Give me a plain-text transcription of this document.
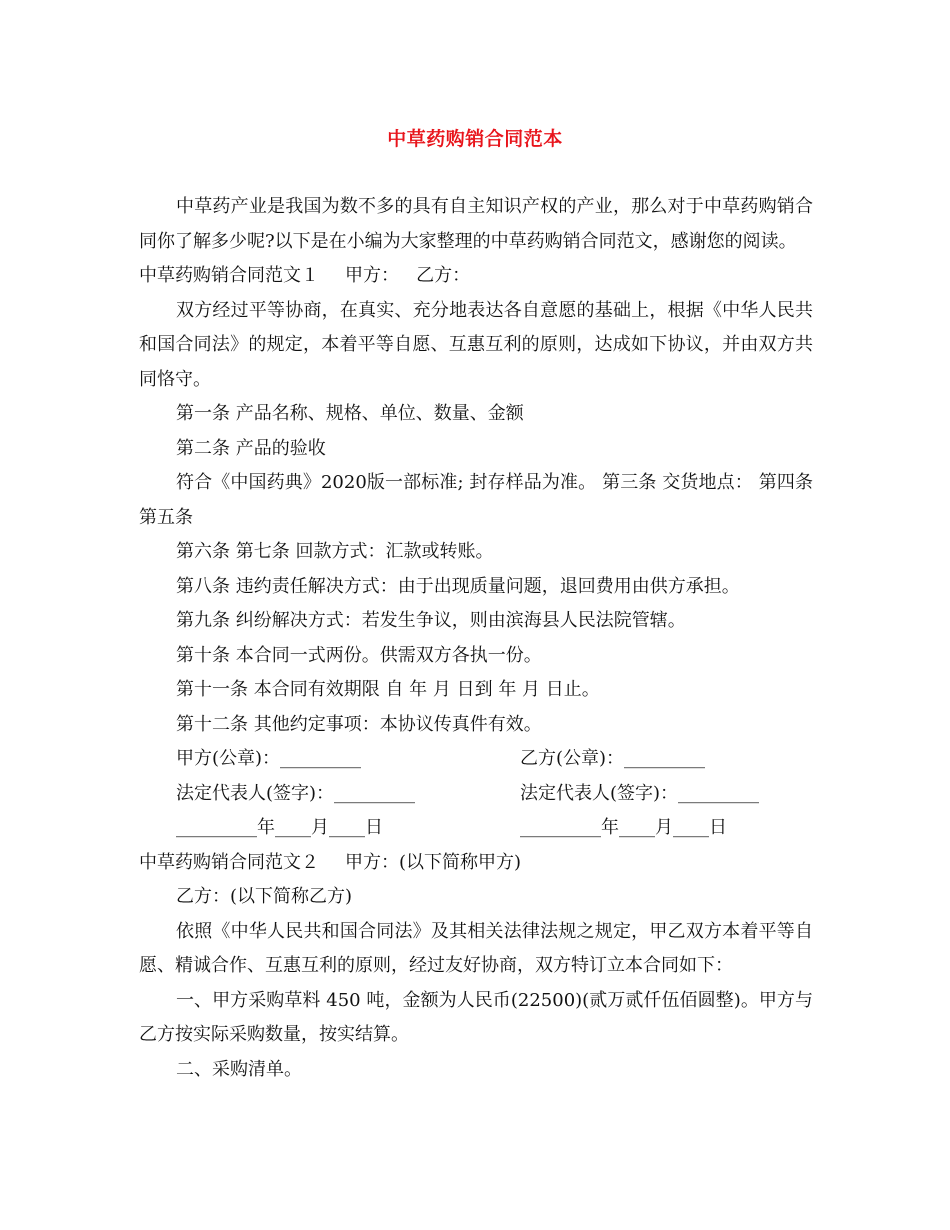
中草药购销合同范本

中草药产业是我国为数不多的具有自主知识产权的产业，那么对于中草药购销合同你了解多少呢?以下是在小编为大家整理的中草药购销合同范文，感谢您的阅读。

中草药购销合同范文１ 甲方： 乙方：

双方经过平等协商，在真实、充分地表达各自意愿的基础上，根据《中华人民共和国合同法》的规定，本着平等自愿、互惠互利的原则，达成如下协议，并由双方共同恪守。

第一条 产品名称、规格、单位、数量、金额

第二条 产品的验收

符合《中国药典》2020版一部标准; 封存样品为准。 第三条 交货地点： 第四条 第五条

第六条 第七条 回款方式：汇款或转账。

第八条 违约责任解决方式：由于出现质量问题，退回费用由供方承担。

第九条 纠纷解决方式：若发生争议，则由滨海县人民法院管辖。

第十条 本合同一式两份。供需双方各执一份。

第十一条 本合同有效期限 自 年 月 日到 年 月 日止。

第十二条 其他约定事项：本协议传真件有效。

甲方(公章)：_________	乙方(公章)：_________
法定代表人(签字)：_________	法定代表人(签字)：_________
_________年____月____日	_________年____月____日

中草药购销合同范文２ 甲方：(以下简称甲方)

乙方：(以下简称乙方)

依照《中华人民共和国合同法》及其相关法律法规之规定，甲乙双方本着平等自愿、精诚合作、互惠互利的原则，经过友好协商，双方特订立本合同如下：

一、甲方采购草料 450 吨，金额为人民币(22500)(贰万贰仟伍佰圆整)。甲方与乙方按实际采购数量，按实结算。

二、采购清单。
